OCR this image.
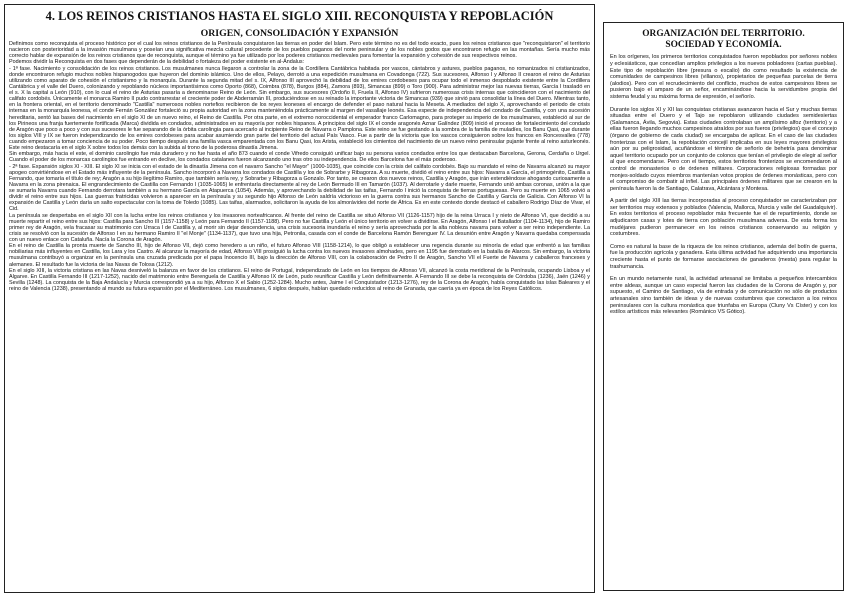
4. LOS REINOS CRISTIANOS HASTA EL SIGLO XIII. RECONQUISTA Y REPOBLACIÓN
ORIGEN, CONSOLIDACIÓN Y EXPANSIÓN

Definimos como reconquista el proceso histórico por el cual los reinos cristianos de la Península conquistaron las tierras en poder del Islam. Pero este término no es del todo exacto, pues los reinos cristianos que "reconquistaron" el territorio nacieron con posterioridad a la invasión musulmana y poseían una significativa mezcla cultural procedente de los pueblos paganos del norte peninsular y de los nobles godos que encontraron refugio en las montañas. Sería mucho más correcto hablar de expansión de los reinos cristianos que de reconquista, aunque el término ya fue utilizado por los poderes cristianos medievales para fomentar la expansión y cohesión de sus respectivos reinos.

Podemos dividir la Reconquista en dos fases que dependerán de la debilidad o fortaleza del poder existente en al-Ándalus:

- 1ª fase. Nacimiento y consolidación de los reinos cristianos. Los musulmanes nunca llegaron a controlar la zona de la Cordillera Cantábrica habitada por vascos, cántabros y astures, pueblos paganos, no romanizados ni cristianizados, donde encontraron refugio muchos nobles hispanogodos que huyeron del dominio islámico. Uno de ellos, Pelayo, derrotó a una expedición musulmana en Covadonga (722). Sus sucesores, Alfonso I y Alfonso II crearon el reino de Asturias utilizando como aparato de cohesión el cristianismo y la monarquía. Durante la segunda mitad del s. IX, Alfonso III aprovechó la debilidad de los emires cordobeses para ocupar todo el inmenso despoblado existente entre la Cordillera Cantábrica y el valle del Duero, colonizando y repoblando núcleos importantísimos como Oporto (868), Coimbra (878), Burgos (884), Zamora (893), Simancas (899) o Toro (900). Para administrar mejor las nuevas tierras, García I trasladó en el s. X la capital a León (910), con lo cual el reino de Asturias pasaría a denominarse Reino de León. Sin embargo, sus sucesores (Ordoño II, Fruela II, Alfonso IV) sufrieron numerosas crisis internas que coincidieron con el nacimiento del califato cordobés. Únicamente el monarca Ramiro II pudo contrarrestar el creciente poder de Abderramán III, produciéndose en su reinado la importante victoria de Simancas (939) que sirvió para consolidar la línea del Duero. Mientras tanto, en la frontera oriental, en el territorio denominado "Castilla" numerosos nobles nortefios recibieron de los reyes leoneses el encargo de defender el paso natural hacia la Meseta. A mediados del siglo X, aprovechando el periodo de crisis internas en la monarquía leonesa, el conde Fernán González fortaleció su propia autoridad en la zona manteniéndola prácticamente al margen del vasallaje leonés. Esa especie de independencia del condado de Castilla, y con una sucesión hereditaria, sentó las bases del nacimiento en el siglo XI de un nuevo reino, el Reino de Castilla. Por otra parte, en el extremo noroccidental el emperador franco Carlomagno, para proteger su imperio de los musulmanes, estableció al sur de los Pirineos una franja fuertemente fortificada (Marca) dividida en condados, administrados en su mayoría por nobles hispanos. A principios del siglo IX el conde aragonés Aznar Galíndez (809) inició el proceso de fortalecimiento del condado de Aragón que poco a poco y con sus sucesores le fue separando de la órbita carolingia para acercarlo al incipiente Reino de Navarra o Pamplona. Este reino se fue gestando a la sombra de la familia de muladíes, los Banu Qasi, que durante los siglos VIII y IX se fueron independizando de los emires cordobeses para acabar asumiendo gran parte del territorio del actual País Vasco. Fue a partir de la victoria que los vascos consiguieron sobre los francos en Roncesvalles (778) cuando empezaron a tomar conciencia de su poder. Poco tiempo después una familia vasca emparentada con los Banu Qasi, los Arista, estableció los cimientos del nacimiento de un nuevo reino peninsular pujante frente al reino asturleonés. Este reino destacaría en el siglo X sobre todos los demás con la subida al trono de la poderosa dinastía Jimena.

Sin embargo, más hacia el este, el dominio carolingio fue más duradero y no fue hasta el año 873 cuando el conde Vifredo consiguió unificar bajo su persona varios condados entre los que destacaban Barcelona, Gerona, Cerdaña o Urgel. Cuando el poder de los monarcas carolingios fue entrando en declive, los condados catalanes fueron alcanzando uno tras otro su independencia. De ellos Barcelona fue el más poderoso.

- 2ª fase. Expansión siglos XI - XIII. El siglo XI se inicia con el estado de la dinastía Jimena con el navarro Sancho "el Mayor" (1000-1035), que coincide con la crisis del califato cordobés. Bajo su mandato el reino de Navarra alcanzó su mayor apogeo convirtiéndose en el Estado más influyente de la península. Sancho incorporó a Navarra los condados de Castilla y los de Sobrarbe y Ribagorza. A su muerte, dividió el reino entre sus hijos: Navarra a García, el primogénito, Castilla a Fernando, que tomaría el título de rey; Aragón a su hijo ilegítimo Ramiro, que también sería rey, y Sobrarbe y Ribagorza a Gonzalo. Por tanto, se crearon dos nuevos reinos, Castilla y Aragón, que irán extendiéndose ahogando curiosamente a Navarra en la zona pirenaica. El engrandecimiento de Castilla con Fernando I (1035-1065) le enfrentaría directamente al rey de León Bermudo III en Tamarón (1037). Al derrotarle y darle muerte, Fernando unió ambas coronas, unión a la que se sumaría Navarra cuando Fernando derrotara también a su hermano García en Atapuerca (1054). Además, y aprovechando la debilidad de las taifas, Fernando I inició la conquista de tierras portuguesas. Pero su muerte en 1065 volvió a dividir el reino entre sus hijos. Las guerras fratricidas volvieron a aparecer en la península y su segundo hijo Alfonso de León saldría victorioso en la guerra contra sus hermanos Sancho de Castilla y García de Galicia. Con Alfonso VI la expansión de Castilla y León daría un salto espectacular con la toma de Toledo (1085). Las taifas, alarmados, solicitaron la ayuda de los almorávides del norte de África. Es en este contexto donde destacó el caballero Rodrigo Díaz de Vivar, el Cid.

La península se despertaba en el siglo XII con la lucha entre los reinos cristianos y los invasores norteafricanos. Al frente del reino de Castilla se situó Alfonso VII (1126-1157) hijo de la reina Urraca I y nieto de Alfonso VI, que decidió a su muerte repartir el reino entre sus hijos: Castilla para Sancho III (1157-1158) y León para Fernando II (1157-1188). Pero no fue Castilla y León el único territorio en volver a dividirse. En Aragón, Alfonso I el Batallador (1104-1134), hijo de Ramiro primer rey de Aragón, veía fracasar su matrimonio con Urraca I de Castilla y, al morir sin dejar descendencia, una crisis sucesoria inundaría el reino y sería aprovechada por la alta nobleza navarra para volver a ser reino independiente. La crisis se resolvió con la sucesión de Alfonso I en su hermano Ramiro II "el Monje" (1134-1137), que tuvo una hija, Petronila, casada con el conde de Barcelona Ramón Berenguer IV. La desunión entre Aragón y Navarra quedaba compensada con un nuevo enlace con Cataluña. Nacía la Corona de Aragón.

En el reino de Castilla la pronta muerte de Sancho III, hijo de Alfonso VII, dejó como heredero a un niño, el futuro Alfonso VIII (1158-1214), lo que obligó a establecer una regencia durante su minoría de edad que enfrentó a las familias nobiliarias más influyentes en Castilla, los Lara y los Castro. Al alcanzar la mayoría de edad, Alfonso VIII prosiguió la lucha contra los nuevos invasores almohades, pero en 1195 fue derrotado en la batalla de Alarcos. Sin embargo, la victoria musulmana contribuyó a organizar en la península una cruzada predicada por el papa Inocencio III, bajo la dirección de Alfonso VIII, con la colaboración de Pedro II de Aragón, Sancho VII el Fuerte de Navarra y caballeros franceses y alemanes. El resultado fue la victoria de las Navas de Tolosa (1212).

En el siglo XIII, la victoria cristiana en las Navas desniveló la balanza en favor de los cristianos. El reino de Portugal, independizado de León en los tiempos de Alfonso VII, alcanzó la costa meridional de la Península, ocupando Lisboa y el Algarve. En Castilla Fernando III (1217-1252), nacido del matrimonio entre Berenguela de Castilla y Alfonso IX de León, pudo reunificar Castilla y León definitivamente. A Fernando III se debe la reconquista de Córdoba (1236), Jaén (1246) y Sevilla (1248). La conquista de la Baja Andalucía y Murcia correspondió ya a su hijo, Alfonso X el Sabio (1252-1284). Mucho antes, Jaime I el Conquistador (1213-1276), rey de la Corona de Aragón, había conquistado las islas Baleares y el reino de Valencia (1238), presentando al mundo su futura expansión por el Mediterráneo. Los musulmanes, 6 siglos después, habían quedado reducidos al reino de Granada, que caería ya en época de los Reyes Católicos.

ORGANIZACIÓN DEL TERRITORIO.
SOCIEDAD Y ECONOMÍA.

En los orígenes, los primeros territorios conquistados fueron repoblados por señores nobles y eclesiásticos, que concedían amplios privilegios a los nuevos pobladores (cartas pueblas). Este tipo de repoblación libre (presura o escalio) dio como resultado la existencia de comunidades de campesinos libres (villanos), propietarios de pequeñas parcelas de tierra (alodios). Pero con el recrudecimiento del conflicto, muchos de estos campesinos libres se pusieron bajo el amparo de un señor, encaminándose hacia la servidumbre propia del sistema feudal y su máxima forma de expresión, el señorío.

Durante los siglos XI y XII las conquistas cristianas avanzaron hacia el Sur y muchas tierras situadas entre el Duero y el Tajo se repoblaron utilizando ciudades semidesiertas (Salamanca, Ávila, Segovia). Estas ciudades controlaban un amplísimo alfoz (territorio) y a ellas fueron llegando muchos campesinos atraídos por sus fueros (privilegios) que el concejo (órgano de gobierno de cada ciudad) se encargaba de aplicar. En el caso de las ciudades fronterizas con el Islam, la repoblación concejil implicaba en sus leyes mayores privilegios aún por su peligrosidad, acuñándose el término de señorío de behetría para denominar aquel territorio ocupado por un conjunto de colonos que tenían el privilegio de elegir al señor al que encomendarse. Pero con el tiempo, estos territorios fronterizos se encomendaron al control de monasterios o de órdenes militares. Corporaciones religiosas formadas por monjes-soldado cuyos miembros mantenían votos propios de órdenes monásticas, pero con el compromiso de combatir al infiel. Las principales órdenes militares que se crearon en la península fueron la de Santiago, Calatrava, Alcántara y Montesa.

A partir del siglo XIII las tierras incorporadas al proceso conquistador se caracterizaban por ser territorios muy extensos y poblados (Valencia, Mallorca, Murcia y valle del Guadalquivir). En estos territorios el proceso repoblador más frecuente fue el de repartimiento, donde se adjudicaron casas y lotes de tierra con población musulmana adversa. De esta forma los mudéjares pudieron permanecer en los reinos cristianos conservando su religión y costumbres.

Como es natural la base de la riqueza de los reinos cristianos, además del botín de guerra, fue la producción agrícola y ganadera. Esta última actividad fue adquiriendo una importancia creciente hasta el punto de formarse asociaciones de ganaderos (mesta) para regular la trashumancia.

En un mundo netamente rural, la actividad artesanal se limitaba a pequeños intercambios entre aldeas, aunque un caso especial fueron las ciudades de la Corona de Aragón y, por supuesto, el Camino de Santiago, vía de entrada y de comunicación no sólo de productos artesanales sino también de ideas y de nuevas costumbres que conectaron a los reinos peninsulares con la cultura monástica que triunfaba en Europa (Cluny Vs Císter) y con los estilos artísticos más relevantes (Románico VS Gótico).
